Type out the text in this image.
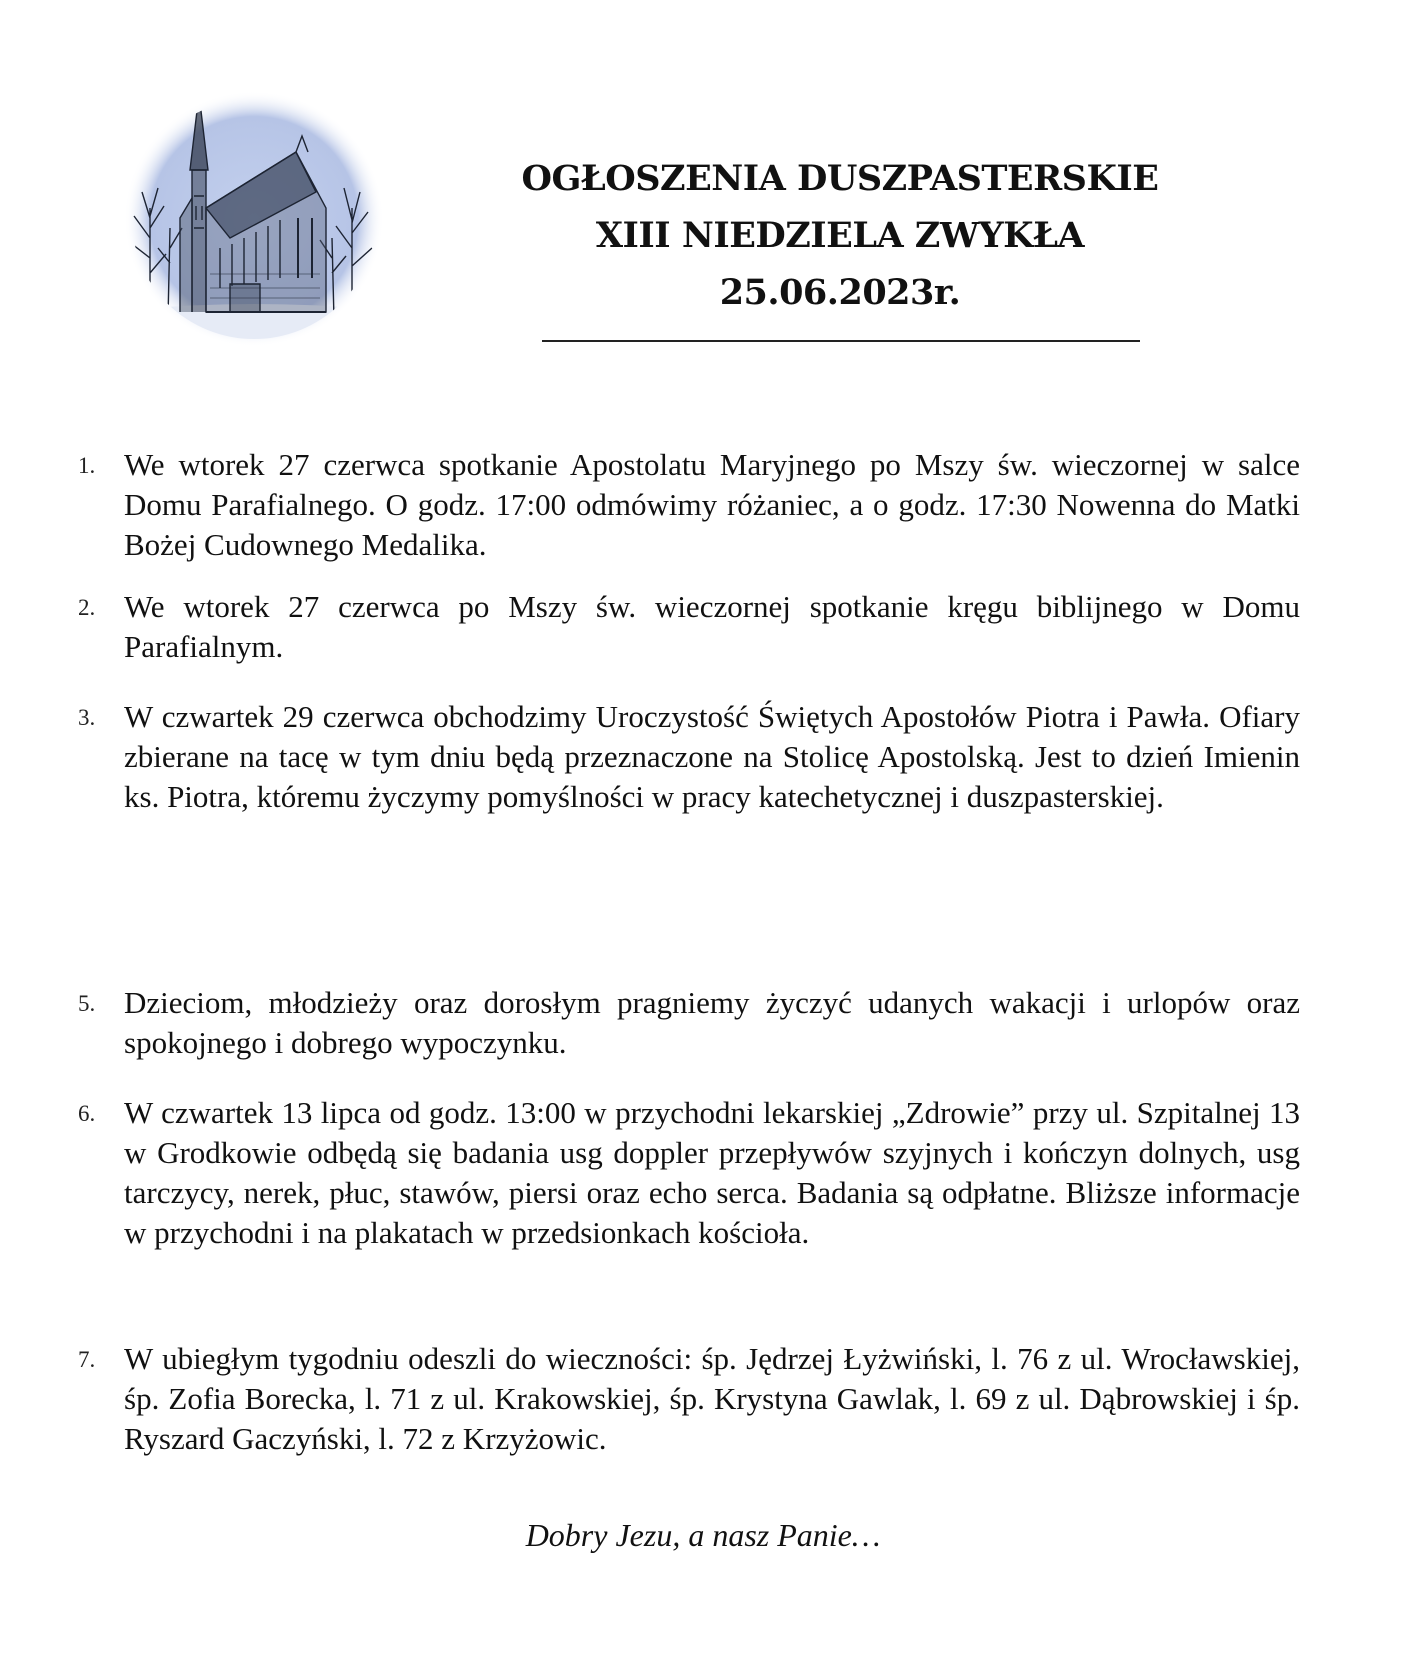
OGŁOSZENIA DUSZPASTERSKIE
XIII NIEDZIELA ZWYKŁA
25.06.2023r.
1. We wtorek 27 czerwca spotkanie Apostolatu Maryjnego po Mszy św. wieczornej w salce Domu Parafialnego. O godz. 17:00 odmówimy różaniec, a o godz. 17:30 Nowenna do Matki Bożej Cudownego Medalika.
2. We wtorek 27 czerwca po Mszy św. wieczornej spotkanie kręgu biblijnego w Domu Parafialnym.
3. W czwartek 29 czerwca obchodzimy Uroczystość Świętych Apostołów Piotra i Pawła. Ofiary zbierane na tacę w tym dniu będą przeznaczone na Stolicę Apostolską. Jest to dzień Imienin ks. Piotra, któremu życzymy pomyślności w pracy katechetycznej i duszpasterskiej.
5. Dzieciom, młodzieży oraz dorosłym pragniemy życzyć udanych wakacji i urlopów oraz spokojnego i dobrego wypoczynku.
6. W czwartek 13 lipca od godz. 13:00 w przychodni lekarskiej „Zdrowie” przy ul. Szpitalnej 13 w Grodkowie odbędą się badania usg doppler przepływów szyjnych i kończyn dolnych, usg tarczycy, nerek, płuc, stawów, piersi oraz echo serca. Badania są odpłatne. Bliższe informacje w przychodni i na plakatach w przedsionkach kościoła.
7. W ubiegłym tygodniu odeszli do wieczności: śp. Jędrzej Łyżwiński, l. 76 z ul. Wrocławskiej, śp. Zofia Borecka, l. 71 z ul. Krakowskiej, śp. Krystyna Gawlak, l. 69 z ul. Dąbrowskiej i śp. Ryszard Gaczyński, l. 72 z Krzyżowic.
Dobry Jezu, a nasz Panie…
